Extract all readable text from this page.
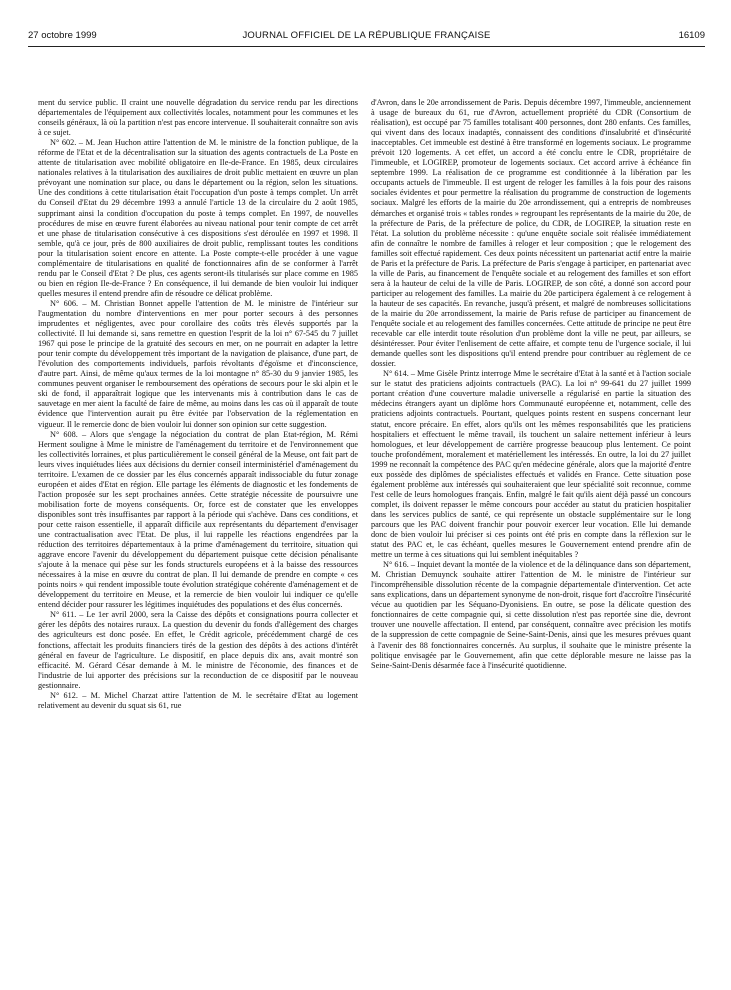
27 octobre 1999	JOURNAL OFFICIEL DE LA RÉPUBLIQUE FRANÇAISE	16109

ment du service public. Il craint une nouvelle dégradation du service rendu par les directions départementales de l'équipement aux collectivités locales, notamment pour les communes et les conseils généraux, là où la partition n'est pas encore intervenue. Il souhaiterait connaître son avis à ce sujet.

N° 602. – M. Jean Huchon attire l'attention de M. le ministre de la fonction publique, de la réforme de l'Etat et de la décentralisation sur la situation des agents contractuels de La Poste en attente de titularisation avec mobilité obligatoire en Ile-de-France. En 1985, deux circulaires nationales relatives à la titularisation des auxiliaires de droit public mettaient en œuvre un plan prévoyant une nomination sur place, ou dans le département ou la région, selon les situations. Une des conditions à cette titularisation était l'occupation d'un poste à temps complet. Un arrêt du Conseil d'Etat du 29 décembre 1993 a annulé l'article 13 de la circulaire du 2 août 1985, supprimant ainsi la condition d'occupation du poste à temps complet. En 1997, de nouvelles procédures de mise en œuvre furent élaborées au niveau national pour tenir compte de cet arrêt et une phase de titularisation consécutive à ces dispositions s'est déroulée en 1997 et 1998. Il semble, qu'à ce jour, près de 800 auxiliaires de droit public, remplissant toutes les conditions pour la titularisation soient encore en attente. La Poste compte-t-elle procéder à une vague complémentaire de titularisations en qualité de fonctionnaires afin de se conformer à l'arrêt rendu par le Conseil d'Etat ? De plus, ces agents seront-ils titularisés sur place comme en 1985 ou bien en région Ile-de-France ? En conséquence, il lui demande de bien vouloir lui indiquer quelles mesures il entend prendre afin de résoudre ce délicat problème.

N° 606. – M. Christian Bonnet appelle l'attention de M. le ministre de l'intérieur sur l'augmentation du nombre d'interventions en mer pour porter secours à des personnes imprudentes et négligentes, avec pour corollaire des coûts très élevés supportés par la collectivité. Il lui demande si, sans remettre en question l'esprit de la loi n° 67-545 du 7 juillet 1967 qui pose le principe de la gratuité des secours en mer, on ne pourrait en adapter la lettre pour tenir compte du développement très important de la navigation de plaisance, d'une part, de l'évolution des comportements individuels, parfois révoltants d'égoïsme et d'inconscience, d'autre part. Ainsi, de même qu'aux termes de la loi montagne n° 85-30 du 9 janvier 1985, les communes peuvent organiser le remboursement des opérations de secours pour le ski alpin et le ski de fond, il apparaîtrait logique que les intervenants mis à contribution dans le cas de sauvetage en mer aient la faculté de faire de même, au moins dans les cas où il apparaît de toute évidence que l'intervention aurait pu être évitée par l'observation de la réglementation en vigueur. Il le remercie donc de bien vouloir lui donner son opinion sur cette suggestion.

N° 608. – Alors que s'engage la négociation du contrat de plan Etat-région, M. Rémi Herment souligne à Mme le ministre de l'aménagement du territoire et de l'environnement que les collectivités lorraines, et plus particulièrement le conseil général de la Meuse, ont fait part de leurs vives inquiétudes liées aux décisions du dernier conseil interministériel d'aménagement du territoire. L'examen de ce dossier par les élus concernés apparaît indissociable du futur zonage européen et aides d'Etat en région. Elle partage les éléments de diagnostic et les fondements de l'action proposée sur les sept prochaines années. Cette stratégie nécessite de poursuivre une mobilisation forte de moyens conséquents. Or, force est de constater que les enveloppes disponibles sont très insuffisantes par rapport à la période qui s'achève. Dans ces conditions, et pour cette raison essentielle, il apparaît difficile aux représentants du département d'envisager une contractualisation avec l'Etat. De plus, il lui rappelle les réactions engendrées par la réduction des territoires départementaux à la prime d'aménagement du territoire, situation qui aggrave encore l'avenir du développement du département puisque cette décision pénalisante s'ajoute à la menace qui pèse sur les fonds structurels européens et à la baisse des ressources nécessaires à la mise en œuvre du contrat de plan. Il lui demande de prendre en compte « ces points noirs » qui rendent impossible toute évolution stratégique cohérente d'aménagement et de développement du territoire en Meuse, et la remercie de bien vouloir lui indiquer ce qu'elle entend décider pour rassurer les légitimes inquiétudes des populations et des élus concernés.

N° 611. – Le 1er avril 2000, sera la Caisse des dépôts et consignations pourra collecter et gérer les dépôts des notaires ruraux. La question du devenir du fonds d'allègement des charges des agriculteurs est donc posée. En effet, le Crédit agricole, précédemment chargé de ces fonctions, affectait les produits financiers tirés de la gestion des dépôts à des actions d'intérêt général en faveur de l'agriculture. Le dispositif, en place depuis dix ans, avait montré son efficacité. M. Gérard César demande à M. le ministre de l'économie, des finances et de l'industrie de lui apporter des précisions sur la reconduction de ce dispositif par le nouveau gestionnaire.

N° 612. – M. Michel Charzat attire l'attention de M. le secrétaire d'Etat au logement relativement au devenir du squat sis 61, rue

d'Avron, dans le 20e arrondissement de Paris. Depuis décembre 1997, l'immeuble, anciennement à usage de bureaux du 61, rue d'Avron, actuellement propriété du CDR (Consortium de réalisation), est occupé par 75 familles totalisant 400 personnes, dont 280 enfants. Ces familles, qui vivent dans des locaux inadaptés, connaissent des conditions d'insalubrité et d'insécurité inacceptables. Cet immeuble est destiné à être transformé en logements sociaux. Le programme prévoit 120 logements. A cet effet, un accord a été conclu entre le CDR, propriétaire de l'immeuble, et LOGIREP, promoteur de logements sociaux. Cet accord arrive à échéance fin septembre 1999. La réalisation de ce programme est conditionnée à la libération par les occupants actuels de l'immeuble. Il est urgent de reloger les familles à la fois pour des raisons sociales évidentes et pour permettre la réalisation du programme de construction de logements sociaux. Malgré les efforts de la mairie du 20e arrondissement, qui a entrepris de nombreuses démarches et organisé trois « tables rondes » regroupant les représentants de la mairie du 20e, de la préfecture de Paris, de la préfecture de police, du CDR, de LOGIREP, la situation reste en l'état. La solution du problème nécessite : qu'une enquête sociale soit réalisée immédiatement afin de connaître le nombre de familles à reloger et leur composition ; que le relogement des familles soit effectué rapidement. Ces deux points nécessitent un partenariat actif entre la mairie de Paris et la préfecture de Paris. La préfecture de Paris s'engage à participer, en partenariat avec la ville de Paris, au financement de l'enquête sociale et au relogement des familles et son effort sera à la hauteur de celui de la ville de Paris. LOGIREP, de son côté, a donné son accord pour participer au relogement des familles. La mairie du 20e participera également à ce relogement à la hauteur de ses capacités. En revanche, jusqu'à présent, et malgré de nombreuses sollicitations de la mairie du 20e arrondissement, la mairie de Paris refuse de participer au financement de l'enquête sociale et au relogement des familles concernées. Cette attitude de principe ne peut être recevable car elle interdit toute résolution d'un problème dont la ville ne peut, par ailleurs, se désintéresser. Pour éviter l'enlisement de cette affaire, et compte tenu de l'urgence sociale, il lui demande quelles sont les dispositions qu'il entend prendre pour contribuer au règlement de ce dossier.

N° 614. – Mme Gisèle Printz interroge Mme le secrétaire d'Etat à la santé et à l'action sociale sur le statut des praticiens adjoints contractuels (PAC). La loi n° 99-641 du 27 juillet 1999 portant création d'une couverture maladie universelle a régularisé en partie la situation des médecins étrangers ayant un diplôme hors Communauté européenne et, notamment, celle des praticiens adjoints contractuels. Pourtant, quelques points restent en suspens concernant leur statut, encore précaire. En effet, alors qu'ils ont les mêmes responsabilités que les praticiens hospitaliers et effectuent le même travail, ils touchent un salaire nettement inférieur à leurs homologues, et leur développement de carrière progresse beaucoup plus lentement. Ce point touche profondément, moralement et matériellement les intéressés. En outre, la loi du 27 juillet 1999 ne reconnaît la compétence des PAC qu'en médecine générale, alors que la majorité d'entre eux possède des diplômes de spécialistes effectués et validés en France. Cette situation pose également problème aux intéressés qui souhaiteraient que leur spécialité soit reconnue, comme l'est celle de leurs homologues français. Enfin, malgré le fait qu'ils aient déjà passé un concours complet, ils doivent repasser le même concours pour accéder au statut du praticien hospitalier dans les services publics de santé, ce qui représente un obstacle supplémentaire sur le long parcours que les PAC doivent franchir pour pouvoir exercer leur vocation. Elle lui demande donc de bien vouloir lui préciser si ces points ont été pris en compte dans la réflexion sur le statut des PAC et, le cas échéant, quelles mesures le Gouvernement entend prendre afin de mettre un terme à ces situations qui lui semblent inéquitables ?

N° 616. – Inquiet devant la montée de la violence et de la délinquance dans son département, M. Christian Demuynck souhaite attirer l'attention de M. le ministre de l'intérieur sur l'incompréhensible dissolution récente de la compagnie départementale d'intervention. Cet acte sans explications, dans un département synonyme de non-droit, risque fort d'accroître l'insécurité vécue au quotidien par les Séquano-Dyonisiens. En outre, se pose la délicate question des fonctionnaires de cette compagnie qui, si cette dissolution n'est pas reportée sine die, devront trouver une nouvelle affectation. Il entend, par conséquent, connaître avec précision les motifs de la suppression de cette compagnie de Seine-Saint-Denis, ainsi que les mesures prévues quant à l'avenir des 88 fonctionnaires concernés. Au surplus, il souhaite que le ministre présente la politique envisagée par le Gouvernement, afin que cette déplorable mesure ne laisse pas la Seine-Saint-Denis désarmée face à l'insécurité quotidienne.
